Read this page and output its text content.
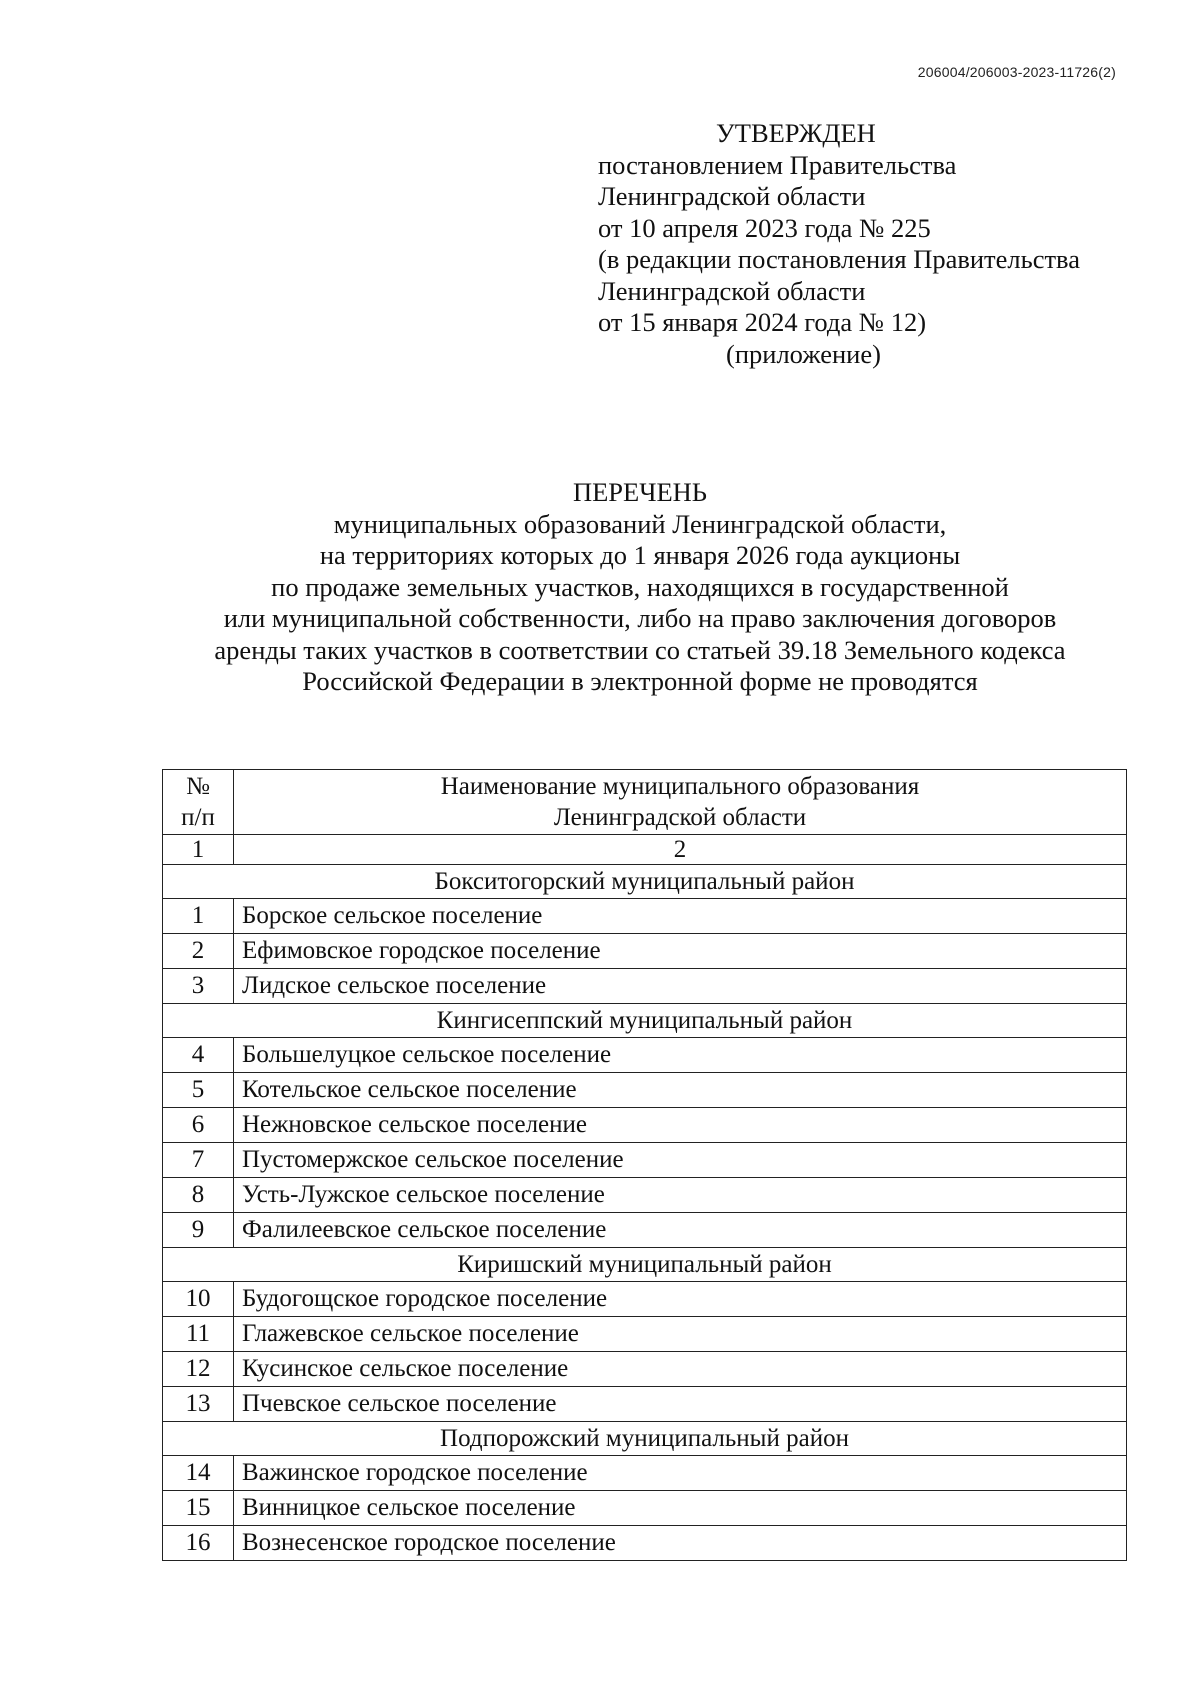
206004/206003-2023-11726(2)
УТВЕРЖДЕН
постановлением Правительства
Ленинградской области
от 10 апреля 2023 года № 225
(в редакции постановления Правительства
Ленинградской области
от 15 января 2024 года № 12)
(приложение)
ПЕРЕЧЕНЬ
муниципальных образований Ленинградской области,
на территориях которых до 1 января 2026 года аукционы
по продаже земельных участков, находящихся в государственной
или муниципальной собственности, либо на право заключения договоров
аренды таких участков в соответствии со статьей 39.18 Земельного кодекса
Российской Федерации в электронной форме не проводятся
№
п/п	Наименование муниципального образования
Ленинградской области

1	2
Бокситогорский муниципальный район	
1	Борское сельское поселение
2	Ефимовское городское поселение
3	Лидское сельское поселение
Кингисеппский муниципальный район	
4	Большелуцкое сельское поселение
5	Котельское сельское поселение
6	Нежновское сельское поселение
7	Пустомержское сельское поселение
8	Усть-Лужское сельское поселение
9	Фалилеевское сельское поселение
Киришский муниципальный район	
10	Будогощское городское поселение
11	Глажевское сельское поселение
12	Кусинское сельское поселение
13	Пчевское сельское поселение
Подпорожский муниципальный район	
14	Важинское городское поселение
15	Винницкое сельское поселение
16	Вознесенское городское поселение
